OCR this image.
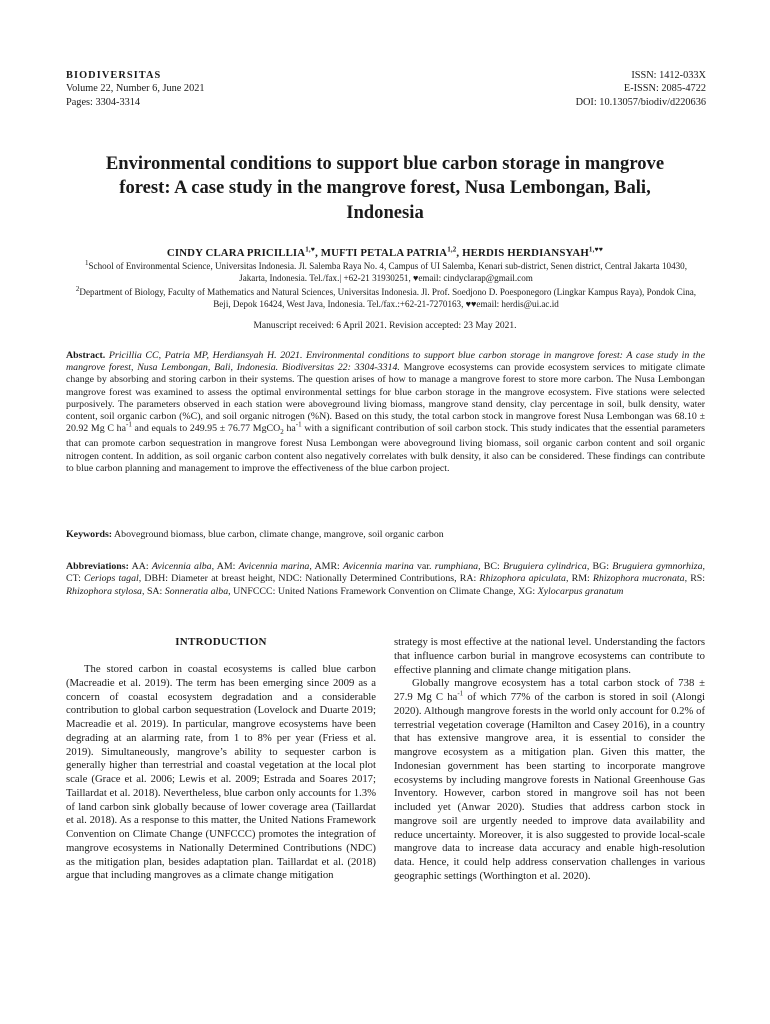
BIODIVERSITAS
Volume 22, Number 6, June 2021
Pages: 3304-3314
ISSN: 1412-033X
E-ISSN: 2085-4722
DOI: 10.13057/biodiv/d220636
Environmental conditions to support blue carbon storage in mangrove
forest: A case study in the mangrove forest, Nusa Lembongan, Bali,
Indonesia
CINDY CLARA $PRICILLIA^{1,♥}$, MUFTI PETALA PATRIA$^{1,2}$, HERDIS $HERDIANSYAH^{1,♥♥}$

$^1$School of Environmental Science, Universitas Indonesia. Jl. Salemba Raya No. 4, Campus of UI Salemba, Kenari sub-district, Senen district, Central Jakarta 10430, Jakarta, Indonesia. Tel./fax.| +62-21 31930251, ♥email: cindyclarap@gmail.com

$^2$Department of Biology, Faculty of Mathematics and Natural Sciences, Universitas Indonesia. Jl. Prof. Soedjono D. Poesponegoro (Lingkar Kampus Raya), Pondok Cina, Beji, Depok 16424, West Java, Indonesia. Tel./fax.:+62-21-7270163, ♥♥email: herdis@ui.ac.id

Manuscript received: 6 April 2021. Revision accepted: 23 May 2021.
Abstract. Pricillia CC, Patria MP, Herdiansyah H. 2021. Environmental conditions to support blue carbon storage in mangrove forest: A case study in the mangrove forest, Nusa Lembongan, Bali, Indonesia. Biodiversitas 22: 3304-3314. Mangrove ecosystems can provide ecosystem services to mitigate climate change by absorbing and storing carbon in their systems. The question arises of how to manage a mangrove forest to store more carbon. The Nusa Lembongan mangrove forest was examined to assess the optimal environmental settings for blue carbon storage in the mangrove ecosystem. Five stations were selected purposively. The parameters observed in each station were aboveground living biomass, mangrove stand density, clay percentage in soil, bulk density, water content, soil organic carbon (%C), and soil organic nitrogen (%N). Based on this study, the total carbon stock in mangrove forest Nusa Lembongan was 68.10 ± 20.92 Mg C $ha^{-1}$ and equals to 249.95 ± 76.77 MgCO$_2$ $ha^{-1}$ with a significant contribution of soil carbon stock. This study indicates that the essential parameters that can promote carbon sequestration in mangrove forest Nusa Lembongan were aboveground living biomass, soil organic carbon content and soil organic nitrogen content. In addition, as soil organic carbon content also negatively correlates with bulk density, it also can be considered. These findings can contribute to blue carbon planning and management to improve the effectiveness of the blue carbon project.
Keywords: Aboveground biomass, blue carbon, climate change, mangrove, soil organic carbon
Abbreviations: AA: Avicennia alba, AM: Avicennia marina, AMR: Avicennia marina var. rumphiana, BC: Bruguiera cylindrica, BG: Bruguiera gymnorhiza, CT: Ceriops tagal, DBH: Diameter at breast height, NDC: Nationally Determined Contributions, RA: Rhizophora apiculata, RM: Rhizophora mucronata, RS: Rhizophora stylosa, SA: Sonneratia alba, UNFCCC: United Nations Framework Convention on Climate Change, XG: Xylocarpus granatum
INTRODUCTION

The stored carbon in coastal ecosystems is called blue carbon (Macreadie et al. 2019). The term has been emerging since 2009 as a concern of coastal ecosystem degradation and a considerable contribution to global carbon sequestration (Lovelock and Duarte 2019; Macreadie et al. 2019). In particular, mangrove ecosystems have been degrading at an alarming rate, from 1 to 8% per year (Friess et al. 2019). Simultaneously, mangrove’s ability to sequester carbon is generally higher than terrestrial and coastal vegetation at the local plot scale (Grace et al. 2006; Lewis et al. 2009; Estrada and Soares 2017; Taillardat et al. 2018). Nevertheless, blue carbon only accounts for 1.3% of land carbon sink globally because of lower coverage area (Taillardat et al. 2018). As a response to this matter, the United Nations Framework Convention on Climate Change (UNFCCC) promotes the integration of mangrove ecosystems in Nationally Determined Contributions (NDC) as the mitigation plan, besides adaptation plan. Taillardat et al. (2018) argue that including mangroves as a climate change mitigation

strategy is most effective at the national level. Understanding the factors that influence carbon burial in mangrove ecosystems can contribute to effective planning and climate change mitigation plans.

Globally mangrove ecosystem has a total carbon stock of 738 ± 27.9 Mg C $ha^{-1}$ of which 77% of the carbon is stored in soil (Alongi 2020). Although mangrove forests in the world only account for 0.2% of terrestrial vegetation coverage (Hamilton and Casey 2016), in a country that has extensive mangrove area, it is essential to consider the mangrove ecosystem as a mitigation plan. Given this matter, the Indonesian government has been starting to incorporate mangrove ecosystems by including mangrove forests in National Greenhouse Gas Inventory. However, carbon stored in mangrove soil has not been included yet (Anwar 2020). Studies that address carbon stock in mangrove soil are urgently needed to improve data availability and reduce uncertainty. Moreover, it is also suggested to provide local-scale mangrove data to increase data accuracy and enable high-resolution data. Hence, it could help address conservation challenges in various geographic settings (Worthington et al. 2020).
